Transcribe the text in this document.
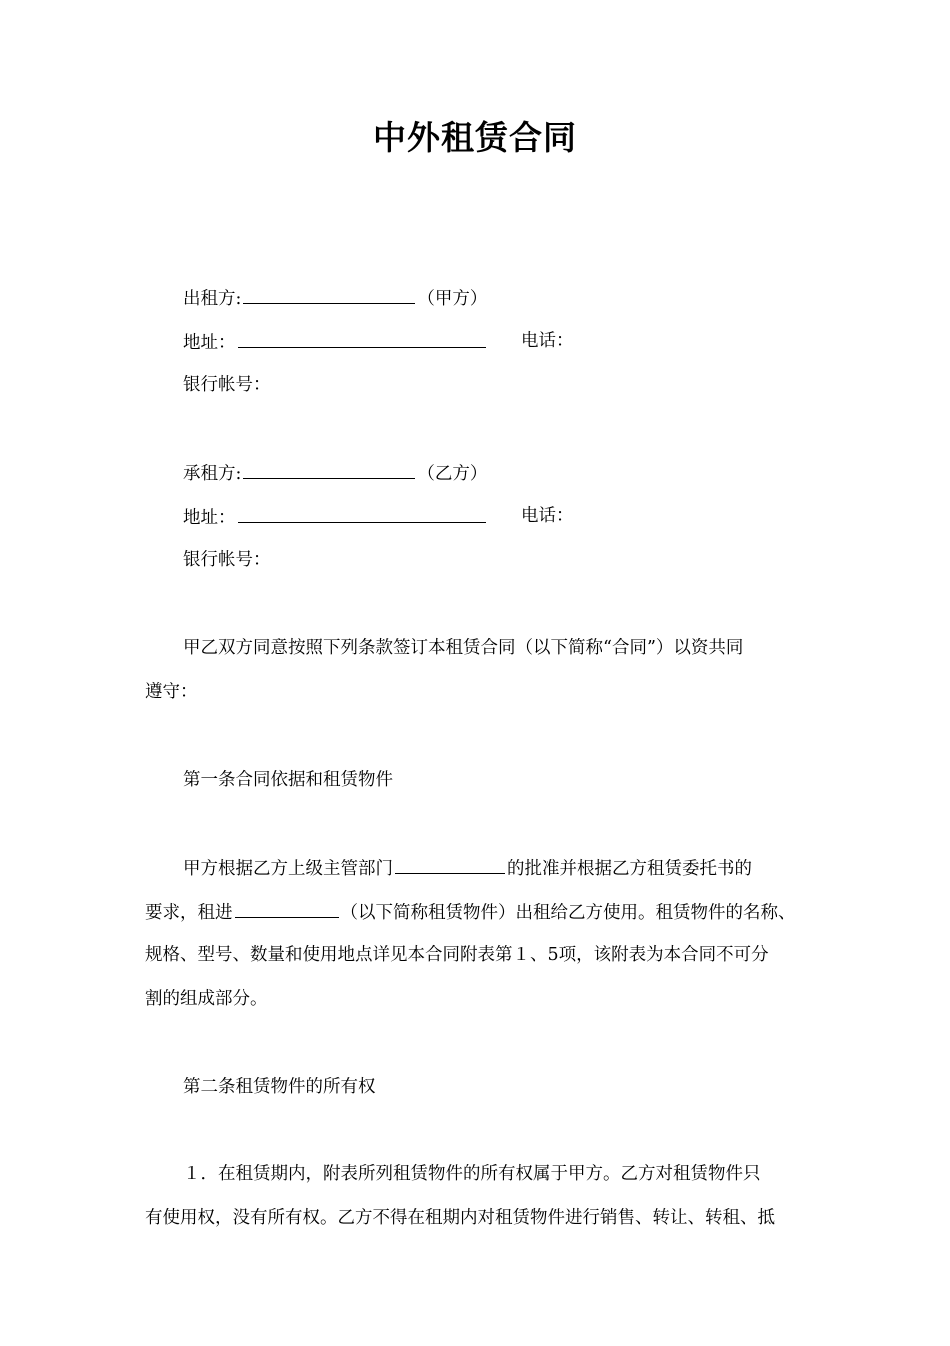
中外租赁合同
出租方:	（甲方）
地址：	电话：
银行帐号：
承租方:	（乙方）
地址：	电话：
银行帐号：
甲乙双方同意按照下列条款签订本租赁合同（以下简称“合同”）以资共同
遵守：
第一条合同依据和租赁物件
甲方根据乙方上级主管部门	的批准并根据乙方租赁委托书的
要求，租进	（以下简称租赁物件）出租给乙方使用。租赁物件的名称、
规格、型号、数量和使用地点详见本合同附表第１、5项，该附表为本合同不可分
割的组成部分。
第二条租赁物件的所有权
１．在租赁期内，附表所列租赁物件的所有权属于甲方。乙方对租赁物件只
有使用权，没有所有权。乙方不得在租期内对租赁物件进行销售、转让、转租、抵
